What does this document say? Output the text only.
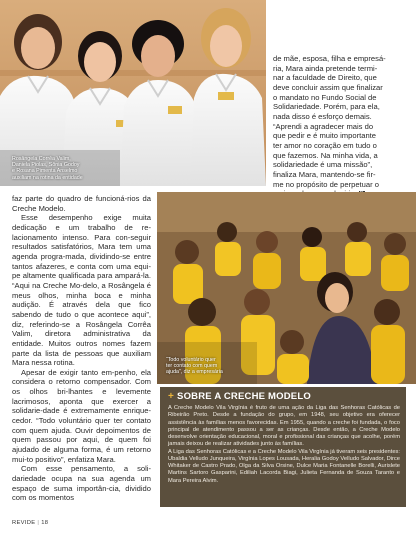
Rosângela Corrêa Valim,
Daniela Piolas, Sônia Godoy
e Rosana Pimenta Anselmo
auxiliam na rotina da entidade
de mãe, esposa, filha e empresá-
ria, Mara ainda pretende termi-
nar a faculdade de Direito, que
deve concluir assim que finalizar
o mandato no Fundo Social de
Solidariedade. Porém, para ela,
nada disso é esforço demais.
“Aprendi a agradecer mais do
que pedir e é muito importante
ter amor no coração em tudo o
que fazemos. Na minha vida, a
solidariedade é uma missão”,
finaliza Mara, mantendo-se fir-
me no propósito de perpetuar o

faz parte do quadro de funcioná-rios da Creche Modelo.

Esse desempenho exige muita dedicação e um trabalho de re-lacionamento intenso. Para con-seguir resultados satisfatórios, Mara tem uma agenda progra-mada, dividindo-se entre tantos afazeres, e conta com uma equi-pe altamente qualificada para ampará-la. “Aqui na Creche Mo-delo, a Rosângela é meus olhos, minha boca e minha audição. É através dela que fico sabendo de tudo o que acontece aqui”, diz, referindo-se a Rosângela Corrêa Valim, diretora administrativa da entidade. Muitos outros nomes fazem parte da lista de pessoas que auxiliam Mara nessa rotina.

Apesar de exigir tanto em-penho, ela considera o retorno compensador. Com os olhos bri-lhantes e levemente lacrimosos, aponta que exercer a solidarie-dade é extremamente enrique-cedor. “Todo voluntário quer ter contato com quem ajuda. Ouvir depoimentos de quem passou por aqui, de quem foi ajudado de alguma forma, é um retorno mui-to positivo”, enfatiza Mara.

Com esse pensamento, a soli-dariedade ocupa na sua agenda um espaço de suma importân-cia, dividido com os momentos

“Todo voluntário quer
ter contato com quem
ajuda”, diz a empresária
+ SOBRE A CRECHE MODELO

A Creche Modelo Vila Virgínia é fruto de uma ação da Liga das Senhoras Católicas de Ribeirão Preto. Desde a fundação do grupo, em 1948, seu objetivo era oferecer assistência às famílias menos favorecidas. Em 1955, quando a creche foi fundada, o foco principal de atendimento passou a ser as crianças. Desde então, a Creche Modelo desenvolve orientação educacional, moral e profissional das crianças que acolhe, porém jamais deixou de realizar atividades junto às famílias.

A Liga das Senhoras Católicas e a Creche Modelo Vila Virgínia já tiveram seis presidentes: Ubaldia Velludo Junqueira, Virgínia Lopes Lousada, Heralia Godoy Velludo Salvador, Dirce Whitaker de Castro Prado, Olga da Silva Orsine, Dulce Maria Fontanelle Borelli, Aurislete Martins Sartoro Gasparini, Ediliah Lacorda Biagi, Julieta Fernanda de Souza Taranto e Mara Pereira Alvim.

REVIDE | 18
